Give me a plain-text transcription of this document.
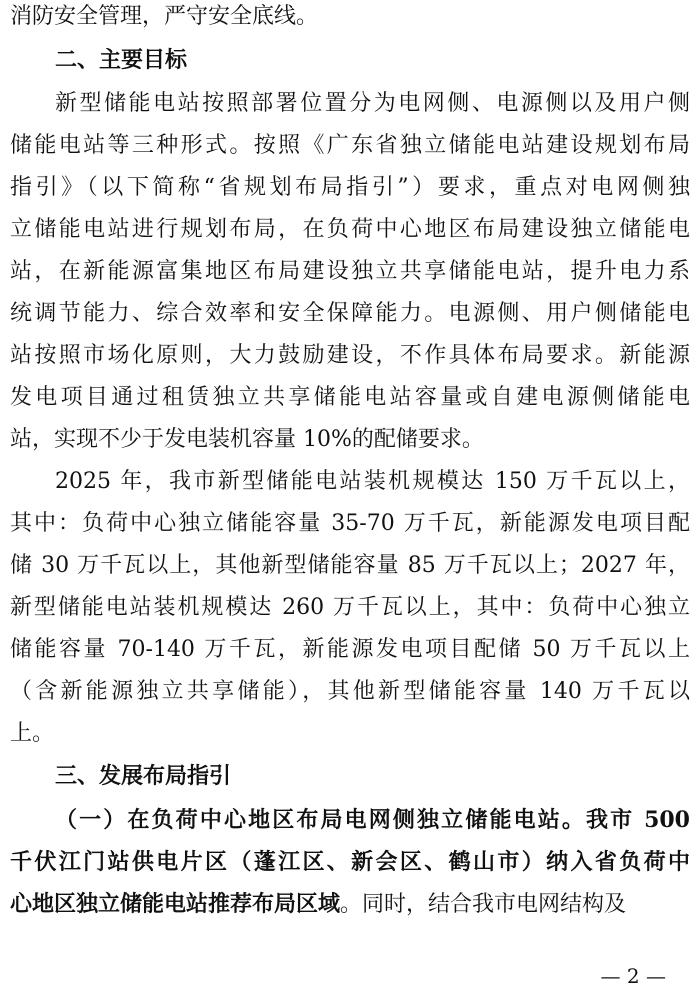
消防安全管理，严守安全底线。
二、主要目标
新型储能电站按照部署位置分为电网侧、电源侧以及用户侧
储能电站等三种形式。按照《广东省独立储能电站建设规划布局
指引》（以下简称“省规划布局指引”）要求，重点对电网侧独
立储能电站进行规划布局，在负荷中心地区布局建设独立储能电
站，在新能源富集地区布局建设独立共享储能电站，提升电力系
统调节能力、综合效率和安全保障能力。电源侧、用户侧储能电
站按照市场化原则，大力鼓励建设，不作具体布局要求。新能源
发电项目通过租赁独立共享储能电站容量或自建电源侧储能电
站，实现不少于发电装机容量 10%的配储要求。
2025 年，我市新型储能电站装机规模达 150 万千瓦以上，
其中：负荷中心独立储能容量 35-70 万千瓦，新能源发电项目配
储 30 万千瓦以上，其他新型储能容量 85 万千瓦以上；2027 年，
新型储能电站装机规模达 260 万千瓦以上，其中：负荷中心独立
储能容量 70-140 万千瓦，新能源发电项目配储 50 万千瓦以上
（含新能源独立共享储能），其他新型储能容量 140 万千瓦以
上。
三、发展布局指引
（一）在负荷中心地区布局电网侧独立储能电站。我市 500
千伏江门站供电片区（蓬江区、新会区、鹤山市）纳入省负荷中
心地区独立储能电站推荐布局区域。同时，结合我市电网结构及
— 2 —
